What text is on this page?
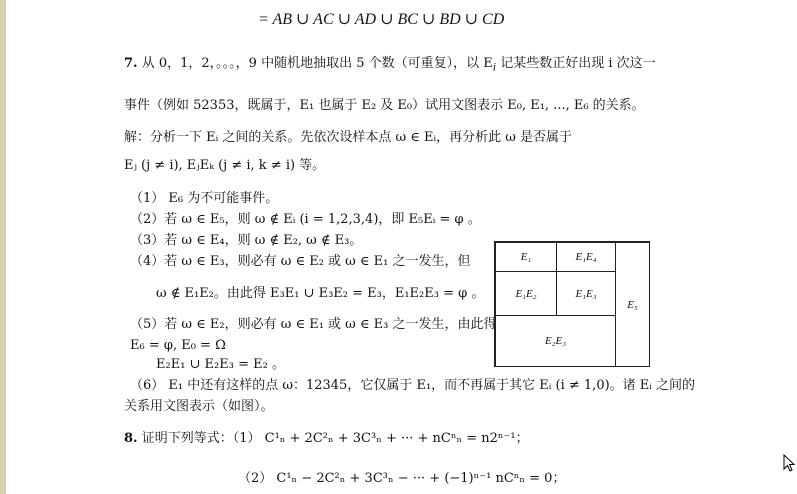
= AB ∪ AC ∪ AD ∪ BC ∪ BD ∪ CD
7. 从 0，1，2，。。。，9 中随机地抽取出 5 个数（可重复），以 $E_i$ 记某些数正好出现 i 次这一
事件（例如 52353，既属于，E₁ 也属于 E₂ 及 E₀）试用文图表示 E₀, E₁, ..., E₆ 的关系。
解：分析一下 Eᵢ 之间的关系。先依次设样本点 ω ∈ Eᵢ，再分析此 ω 是否属于
Eⱼ (j ≠ i), EⱼEₖ (j ≠ i, k ≠ i) 等。
（1） E₆ 为不可能事件。
（2）若 ω ∈ E₅，则 ω ∉ Eᵢ (i = 1,2,3,4)，即 E₅Eᵢ = φ 。
（3）若 ω ∈ E₄，则 ω ∉ E₂, ω ∉ E₃。
（4）若 ω ∈ E₃，则必有 ω ∈ E₂ 或 ω ∈ E₁ 之一发生，但
ω ∉ E₁E₂。由此得 E₃E₁ ∪ E₃E₂ = E₃，E₁E₂E₃ = φ 。
（5）若 ω ∈ E₂，则必有 ω ∈ E₁ 或 ω ∈ E₃ 之一发生，由此得
E₆ = φ, E₀ = Ω
E₂E₁ ∪ E₂E₃ = E₂ 。
（6） E₁ 中还有这样的点 ω：12345，它仅属于 E₁，而不再属于其它 Eᵢ (i ≠ 1,0)。诸 Eᵢ 之间的
关系用文图表示（如图）。
E₁	E₁E₄
E₁E₂	E₁E₃
E₂E₃
E₅
8. 证明下列等式：（1） C¹ₙ + 2C²ₙ + 3C³ₙ + ··· + nCⁿₙ = n2ⁿ⁻¹；
（2） C¹ₙ − 2C²ₙ + 3C³ₙ − ··· + (−1)ⁿ⁻¹ nCⁿₙ = 0；
